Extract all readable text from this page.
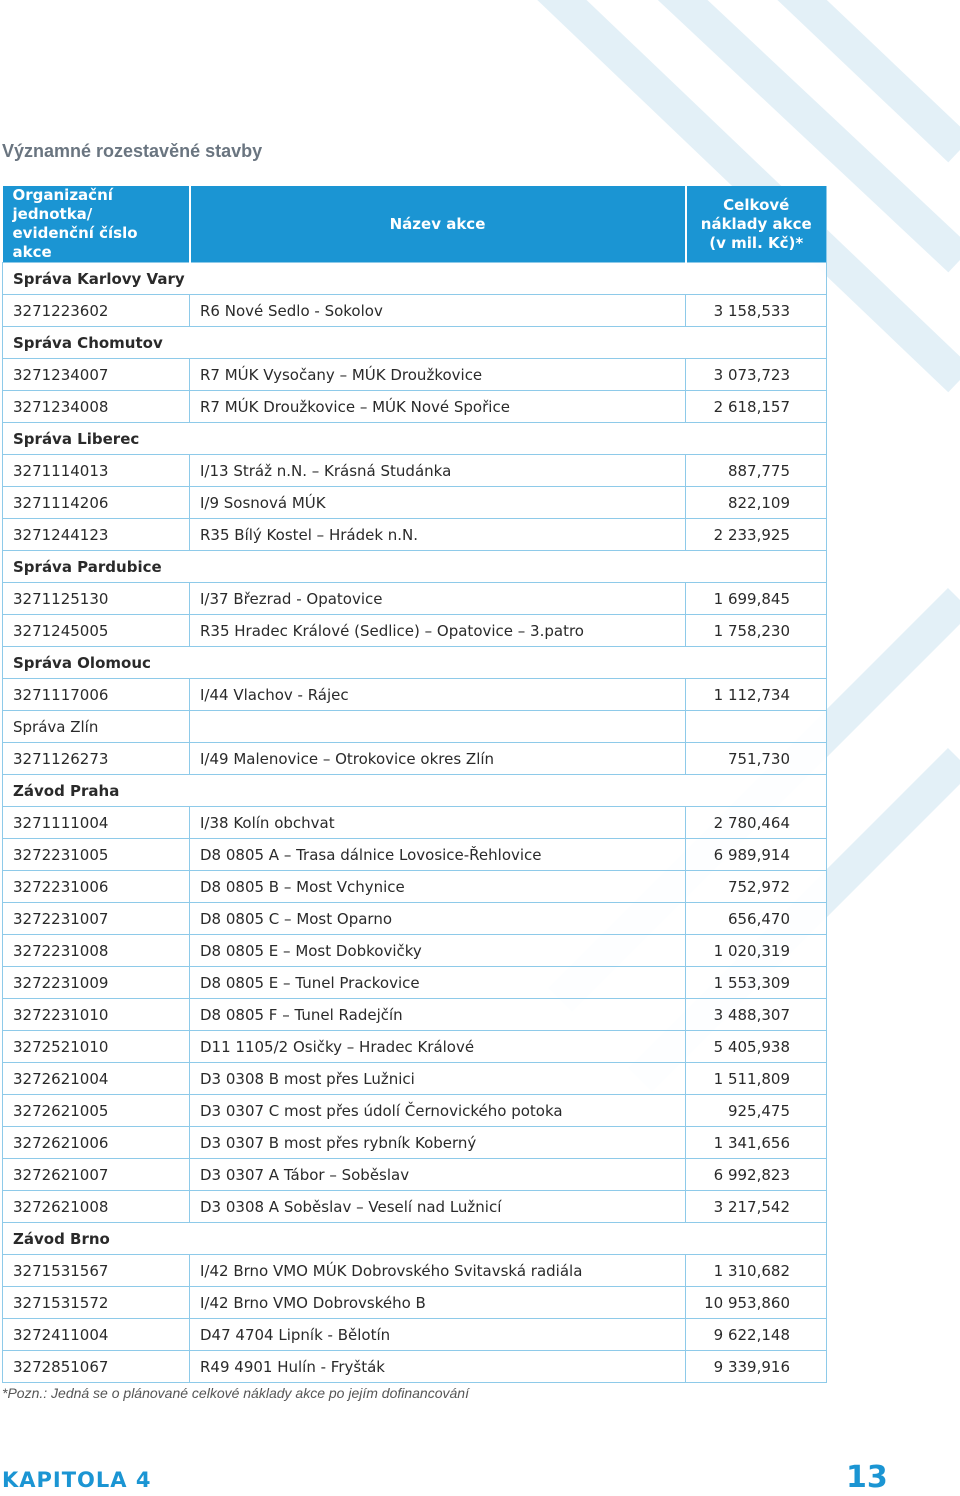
Významné rozestavěné stavby
Organizační jednotka/ evidenční číslo akce	Název akce	Celkové náklady akce (v mil. Kč)*
Správa Karlovy Vary		
3271223602	R6 Nové Sedlo - Sokolov	3 158,533
Správa Chomutov		
3271234007	R7 MÚK Vysočany – MÚK Droužkovice	3 073,723
3271234008	R7 MÚK Droužkovice – MÚK Nové Spořice	2 618,157
Správa Liberec		
3271114013	I/13 Stráž n.N. – Krásná Studánka	887,775
3271114206	I/9 Sosnová MÚK	822,109
3271244123	R35 Bílý Kostel – Hrádek n.N.	2 233,925
Správa Pardubice		
3271125130	I/37 Březrad - Opatovice	1 699,845
3271245005	R35 Hradec Králové (Sedlice) – Opatovice – 3.patro	1 758,230
Správa Olomouc		
3271117006	I/44 Vlachov - Rájec	1 112,734
Správa Zlín		
3271126273	I/49 Malenovice – Otrokovice okres Zlín	751,730
Závod Praha		
3271111004	I/38 Kolín obchvat	2 780,464
3272231005	D8 0805 A – Trasa dálnice Lovosice-Řehlovice	6 989,914
3272231006	D8 0805 B – Most Vchynice	752,972
3272231007	D8 0805 C – Most Oparno	656,470
3272231008	D8 0805 E – Most Dobkovičky	1 020,319
3272231009	D8 0805 E – Tunel Prackovice	1 553,309
3272231010	D8 0805 F – Tunel Radejčín	3 488,307
3272521010	D11 1105/2 Osičky – Hradec Králové	5 405,938
3272621004	D3 0308 B most přes Lužnici	1 511,809
3272621005	D3 0307 C most přes údolí Černovického potoka	925,475
3272621006	D3 0307 B most přes rybník Koberný	1 341,656
3272621007	D3 0307 A Tábor – Soběslav	6 992,823
3272621008	D3 0308 A Soběslav – Veselí nad Lužnicí	3 217,542
Závod Brno		
3271531567	I/42 Brno VMO MÚK Dobrovského Svitavská radiála	1 310,682
3271531572	I/42 Brno VMO Dobrovského B	10 953,860
3272411004	D47 4704 Lipník - Bělotín	9 622,148
3272851067	R49 4901 Hulín - Fryšták	9 339,916

*Pozn.: Jedná se o plánované celkové náklady akce po jejím dofinancování

KAPITOLA 4	13
